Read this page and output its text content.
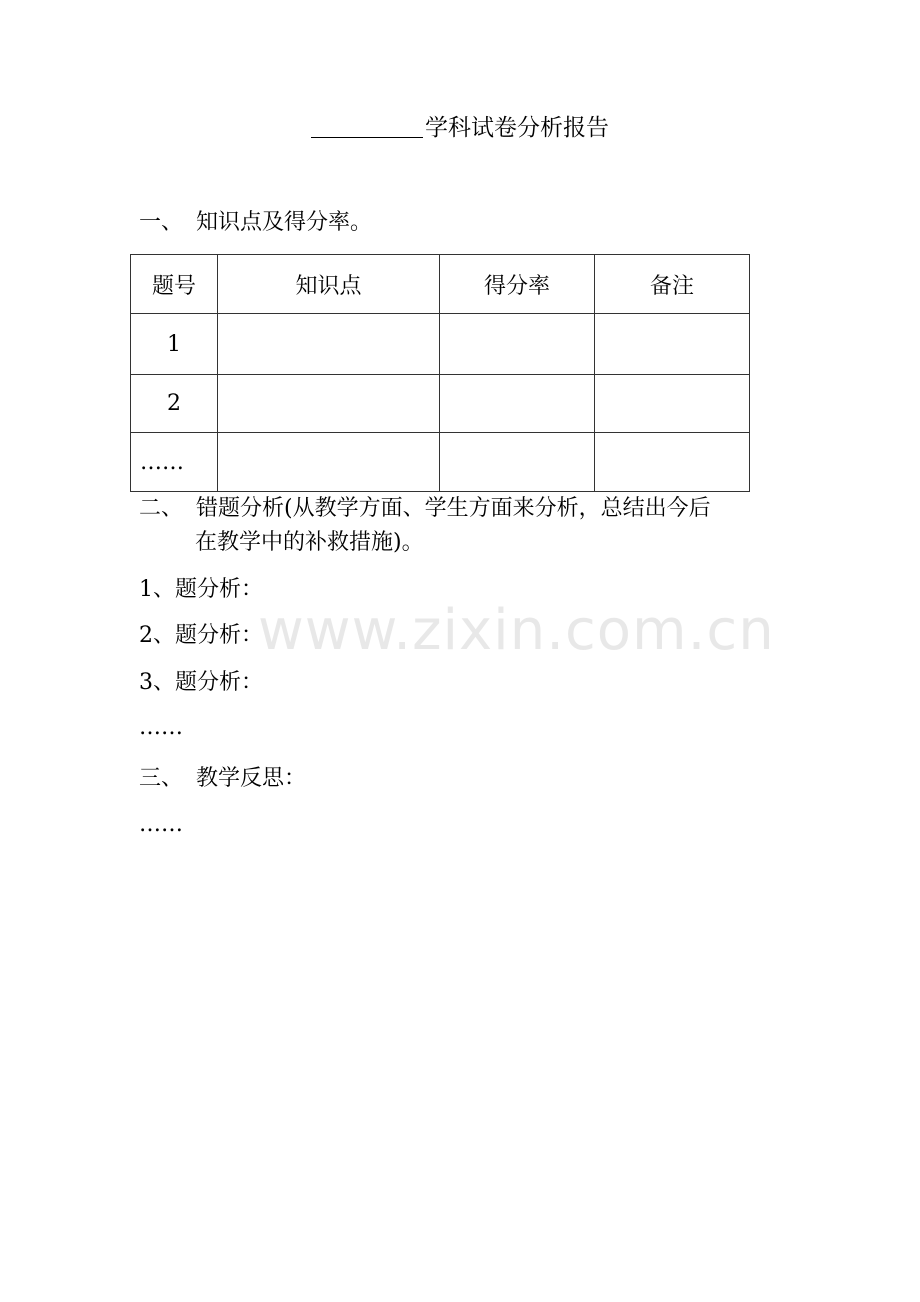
学科试卷分析报告
一、 知识点及得分率。
题号	知识点	得分率	备注
1			
2			
……			
二、 错题分析(从教学方面、学生方面来分析，总结出今后
在教学中的补救措施)。
1、题分析：
2、题分析：
3、题分析：
……
三、 教学反思：
……
www.zixin.com.cn
